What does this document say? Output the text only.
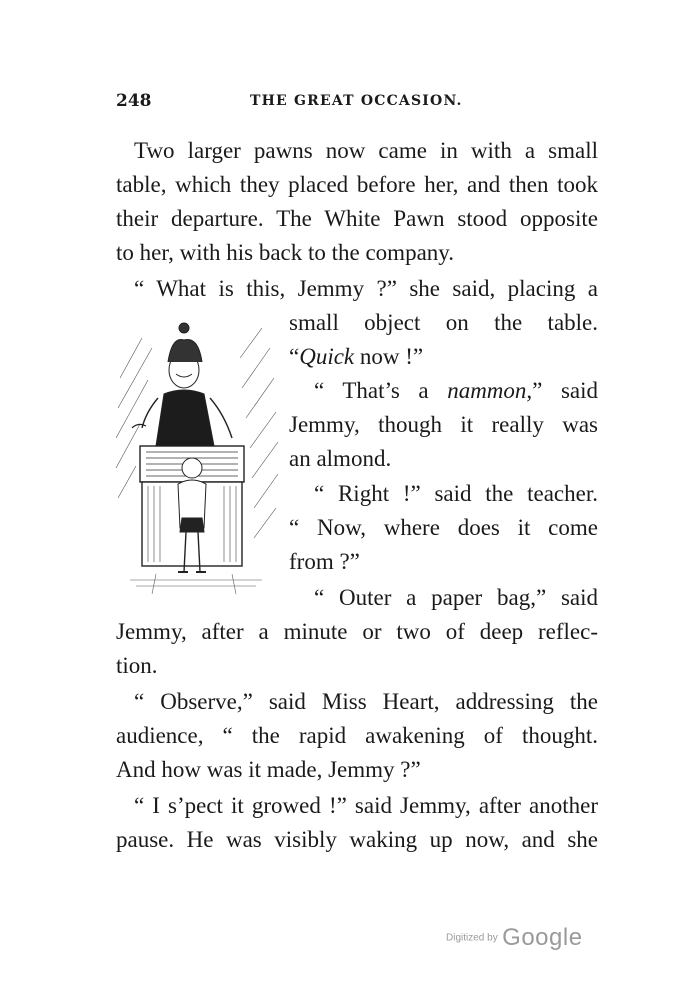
248	THE GREAT OCCASION.
Two larger pawns now came in with a small
table, which they placed before her, and then took
their departure. The White Pawn stood opposite
to her, with his back to the company.
“ What is this, Jemmy ?” she said, placing a
small object on the table.
“Quick now !”
“ That’s a nammon,” said
Jemmy, though it really was
an almond.
“ Right !” said the teacher.
“ Now, where does it come
from ?”
“ Outer a paper bag,” said
Jemmy, after a minute or two of deep reflec-
tion.
“ Observe,” said Miss Heart, addressing the
audience, “ the rapid awakening of thought.
And how was it made, Jemmy ?”
“ I s’pect it growed !” said Jemmy, after another
pause. He was visibly waking up now, and she
Digitized by Google
